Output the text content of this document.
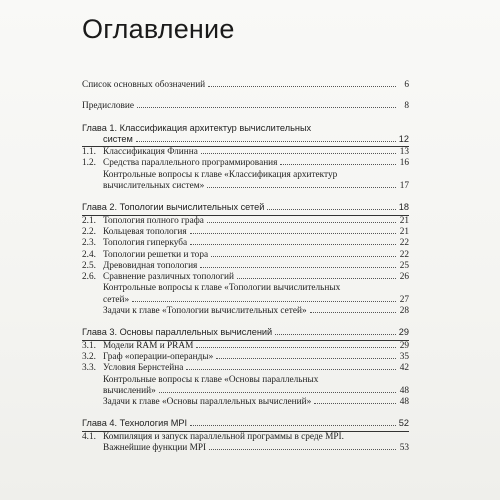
Оглавление
Список основных обозначений	6
Предисловие	8
Глава 1.
Классификация архитектур вычислительных
систем	12
1.1. Классификация Флинна	13
1.2. Средства параллельного программирования	16
Контрольные вопросы к главе «Классификация архитектур
вычислительных систем»	17
Глава 2.
Топологии вычислительных сетей	18
2.1. Топология полного графа	21
2.2. Кольцевая топология	21
2.3. Топология гиперкуба	22
2.4. Топологии решетки и тора	22
2.5. Древовидная топология	25
2.6. Сравнение различных топологий	26
Контрольные вопросы к главе «Топологии вычислительных
сетей»	27
Задачи к главе «Топологии вычислительных сетей»	28
Глава 3.
Основы параллельных вычислений	29
3.1. Модели RAM и PRAM	29
3.2. Граф «операции-операнды»	35
3.3. Условия Бернстейна	42
Контрольные вопросы к главе «Основы параллельных
вычислений»	48
Задачи к главе «Основы параллельных вычислений»	48
Глава 4.
Технология MPI	52
4.1. Компиляция и запуск параллельной программы в среде MPI.
Важнейшие функции MPI	53
